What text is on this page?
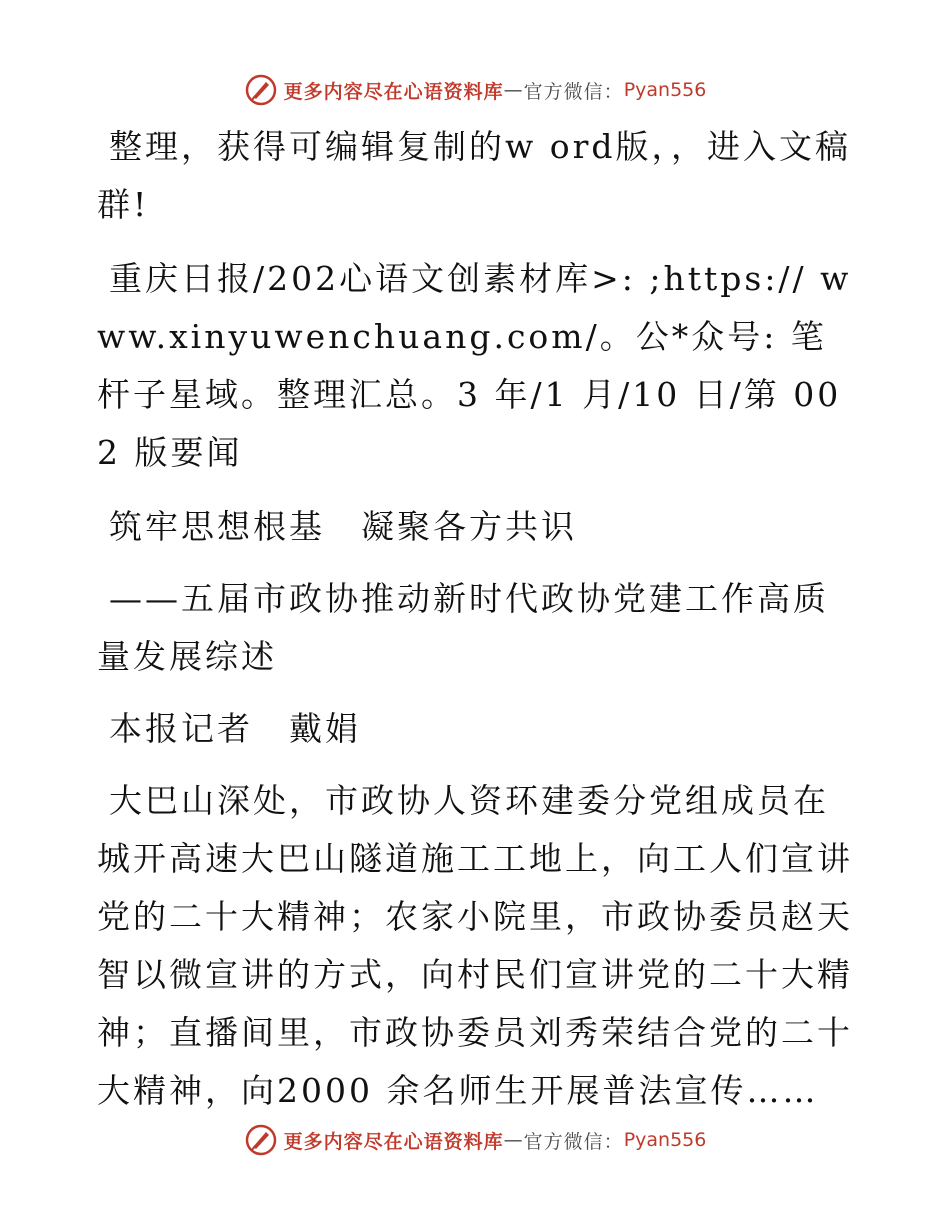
更多内容尽在心语资料库 — 官方微信： Pyan556

整理，获得可编辑复制的w ord版，，进入文稿群!

重庆日报/202心语文创素材库>: ;https:// www.xinyuwenchuang.com/。公*众号: 笔杆子星域。整理汇总。3 年/1 月/10 日/第 002 版要闻

筑牢思想根基　凝聚各方共识

——五届市政协推动新时代政协党建工作高质量发展综述

本报记者　戴娟

大巴山深处，市政协人资环建委分党组成员在城开高速大巴山隧道施工工地上，向工人们宣讲党的二十大精神；农家小院里，市政协委员赵天智以微宣讲的方式，向村民们宣讲党的二十大精神；直播间里，市政协委员刘秀荣结合党的二十大精神，向2000 余名师生开展普法宣传……

更多内容尽在心语资料库 — 官方微信： Pyan556
